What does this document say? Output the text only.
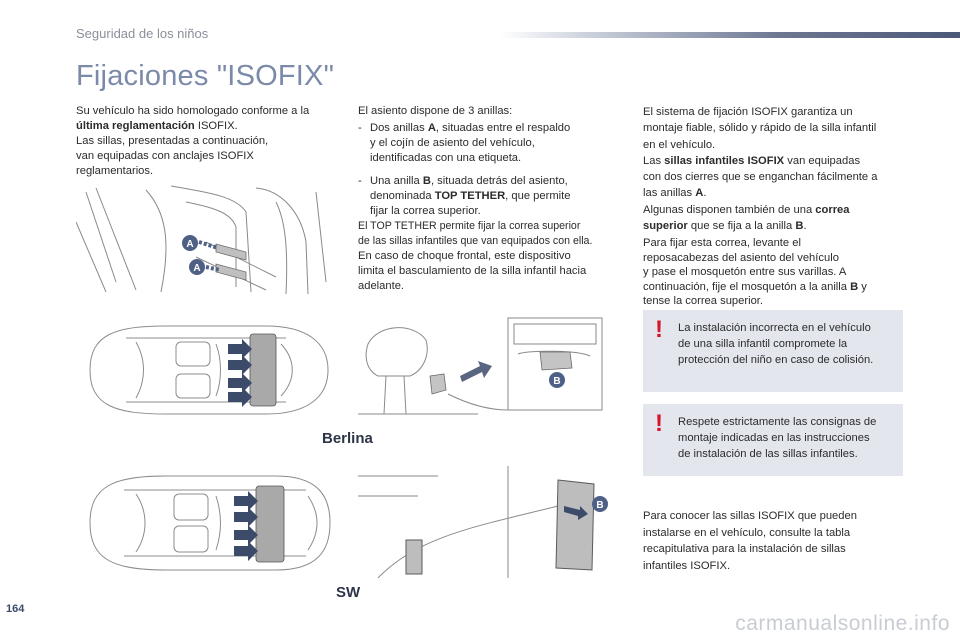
Seguridad de los niños
Fijaciones "ISOFIX"
Su vehículo ha sido homologado conforme a la
última reglamentación ISOFIX.
Las sillas, presentadas a continuación,
van equipadas con anclajes ISOFIX
reglamentarios.
A
A
Berlina
SW
El asiento dispone de 3 anillas:
- Dos anillas A, situadas entre el respaldo
y el cojín de asiento del vehículo,
identificadas con una etiqueta.
- Una anilla B, situada detrás del asiento,
denominada TOP TETHER, que permite
fijar la correa superior.
El TOP TETHER permite fijar la correa superior
de las sillas infantiles que van equipados con ella.
En caso de choque frontal, este dispositivo
limita el basculamiento de la silla infantil hacia
adelante.
B
B
El sistema de fijación ISOFIX garantiza un
montaje fiable, sólido y rápido de la silla infantil
en el vehículo.
Las sillas infantiles ISOFIX van equipadas
con dos cierres que se enganchan fácilmente a
las anillas A.
Algunas disponen también de una correa
superior que se fija a la anilla B.
Para fijar esta correa, levante el
reposacabezas del asiento del vehículo
y pase el mosquetón entre sus varillas. A
continuación, fije el mosquetón a la anilla B y
tense la correa superior.
! La instalación incorrecta en el vehículo
de una silla infantil compromete la
protección del niño en caso de colisión.
! Respete estrictamente las consignas de
montaje indicadas en las instrucciones
de instalación de las sillas infantiles.
Para conocer las sillas ISOFIX que pueden
instalarse en el vehículo, consulte la tabla
recapitulativa para la instalación de sillas
infantiles ISOFIX.
164
carmanualsonline.info
